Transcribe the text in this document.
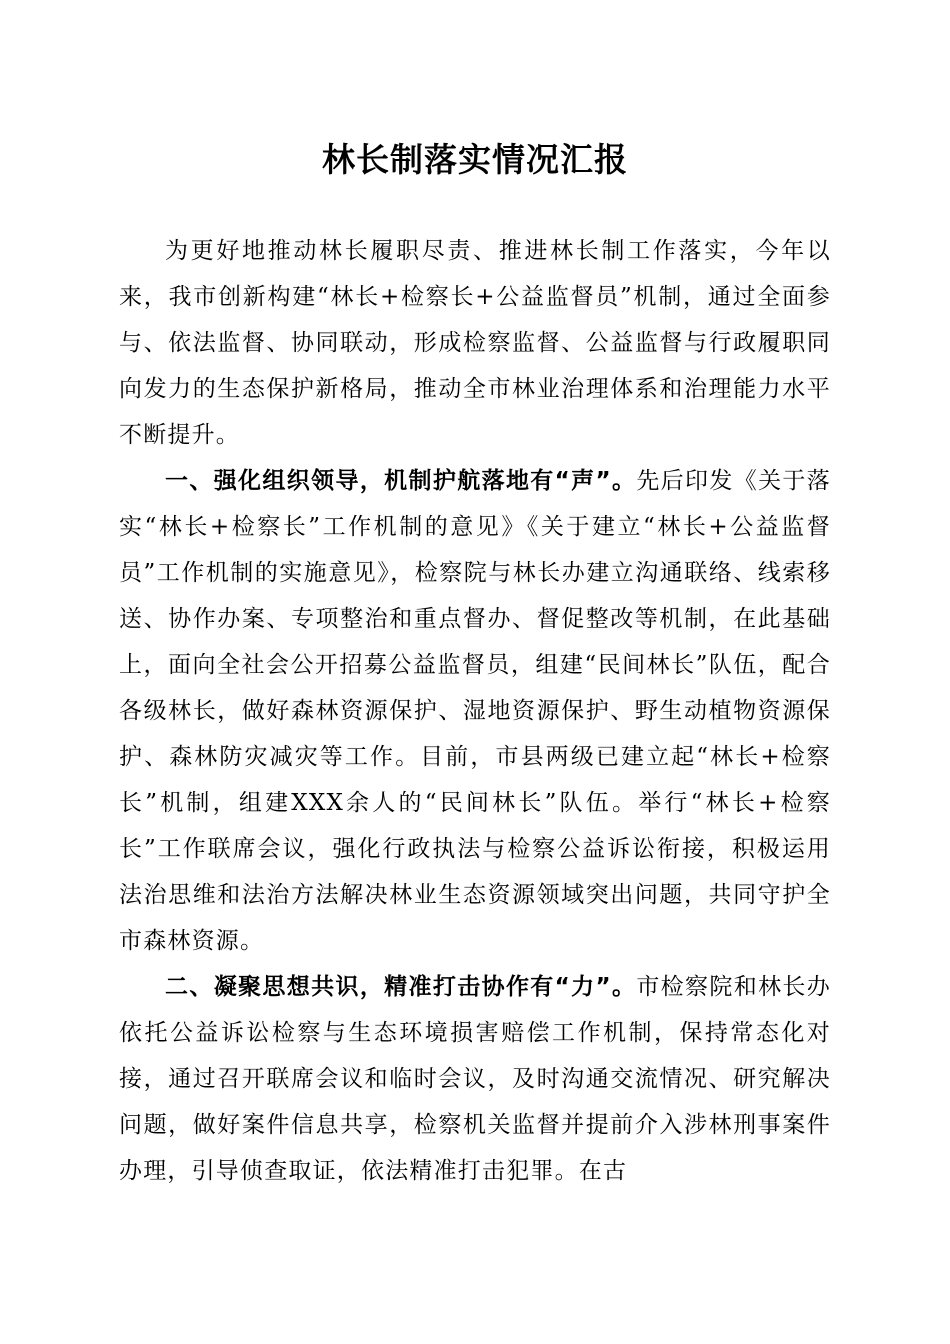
林长制落实情况汇报

为更好地推动林长履职尽责、推进林长制工作落实，今年以来，我市创新构建“林长+检察长+公益监督员”机制，通过全面参与、依法监督、协同联动，形成检察监督、公益监督与行政履职同向发力的生态保护新格局，推动全市林业治理体系和治理能力水平不断提升。

一、强化组织领导，机制护航落地有“声”。先后印发《关于落实“林长+检察长”工作机制的意见》《关于建立“林长+公益监督员”工作机制的实施意见》，检察院与林长办建立沟通联络、线索移送、协作办案、专项整治和重点督办、督促整改等机制，在此基础上，面向全社会公开招募公益监督员，组建“民间林长”队伍，配合各级林长，做好森林资源保护、湿地资源保护、野生动植物资源保护、森林防灾减灾等工作。目前，市县两级已建立起“林长+检察长”机制，组建XXX余人的“民间林长”队伍。举行“林长+检察长”工作联席会议，强化行政执法与检察公益诉讼衔接，积极运用法治思维和法治方法解决林业生态资源领域突出问题，共同守护全市森林资源。

二、凝聚思想共识，精准打击协作有“力”。市检察院和林长办依托公益诉讼检察与生态环境损害赔偿工作机制，保持常态化对接，通过召开联席会议和临时会议，及时沟通交流情况、研究解决问题，做好案件信息共享，检察机关监督并提前介入涉林刑事案件办理，引导侦查取证，依法精准打击犯罪。在古
